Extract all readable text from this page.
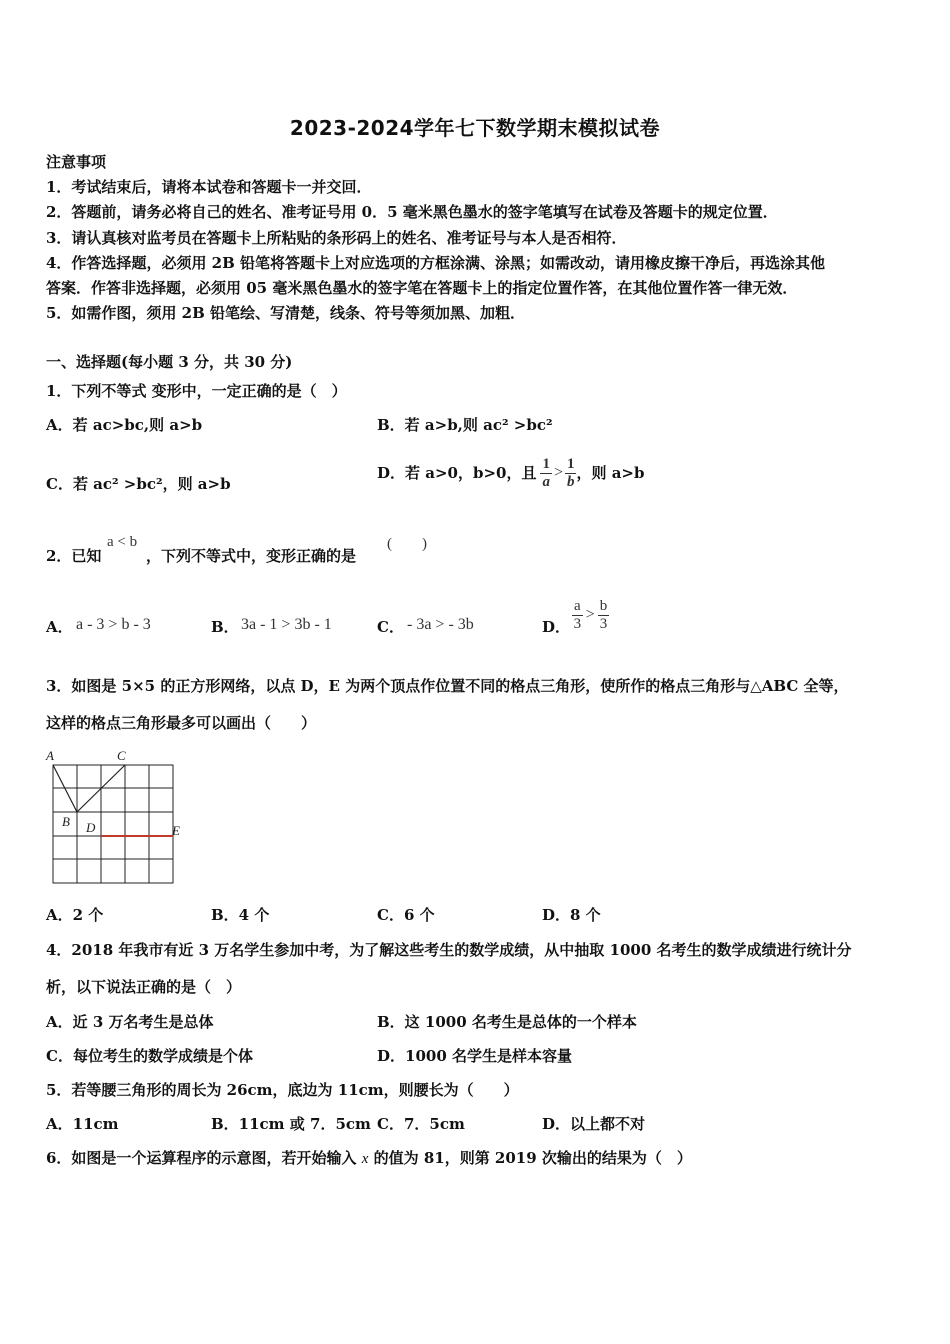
2023-2024学年七下数学期末模拟试卷
注意事项
1．考试结束后，请将本试卷和答题卡一并交回．
2．答题前，请务必将自己的姓名、准考证号用 0．5 毫米黑色墨水的签字笔填写在试卷及答题卡的规定位置．
3．请认真核对监考员在答题卡上所粘贴的条形码上的姓名、准考证号与本人是否相符．
4．作答选择题，必须用 2B 铅笔将答题卡上对应选项的方框涂满、涂黑；如需改动，请用橡皮擦干净后，再选涂其他
答案．作答非选择题，必须用 05 毫米黑色墨水的签字笔在答题卡上的指定位置作答，在其他位置作答一律无效．
5．如需作图，须用 2B 铅笔绘、写清楚，线条、符号等须加黑、加粗．
一、选择题(每小题 3 分，共 30 分)
1．下列不等式 变形中，一定正确的是（　）
A．若 ac>bc,则 a>b	B．若 a>b,则 ac² >bc²
C．若 ac² >bc²，则 a>b
D．若 a>0，b>0，且 $\frac{1}{a} > \frac{1}{b}$ ，则 a>b
2．已知
a < b
，下列不等式中，变形正确的是
(　　)
A． a - 3 > b - 3	B． 3a - 1 > 3b - 1	C． - 3a > - 3b	D． $\frac{a}{3} > \frac{b}{3}$
3．如图是 5×5 的正方形网络，以点 D，E 为两个顶点作位置不同的格点三角形，使所作的格点三角形与△ABC 全等，
这样的格点三角形最多可以画出（　　）
A	C
B D	E
A．2 个	B．4 个	C．6 个	D．8 个
4．2018 年我市有近 3 万名学生参加中考，为了解这些考生的数学成绩，从中抽取 1000 名考生的数学成绩进行统计分
析，以下说法正确的是（　）
A．近 3 万名考生是总体	B．这 1000 名考生是总体的一个样本
C．每位考生的数学成绩是个体	D．1000 名学生是样本容量
5．若等腰三角形的周长为 26cm，底边为 11cm，则腰长为（　　）
A．11cm	B．11cm 或 7．5cm C．7．5cm	D．以上都不对
6．如图是一个运算程序的示意图，若开始输入 x 的值为 81，则第 2019 次输出的结果为（　）
